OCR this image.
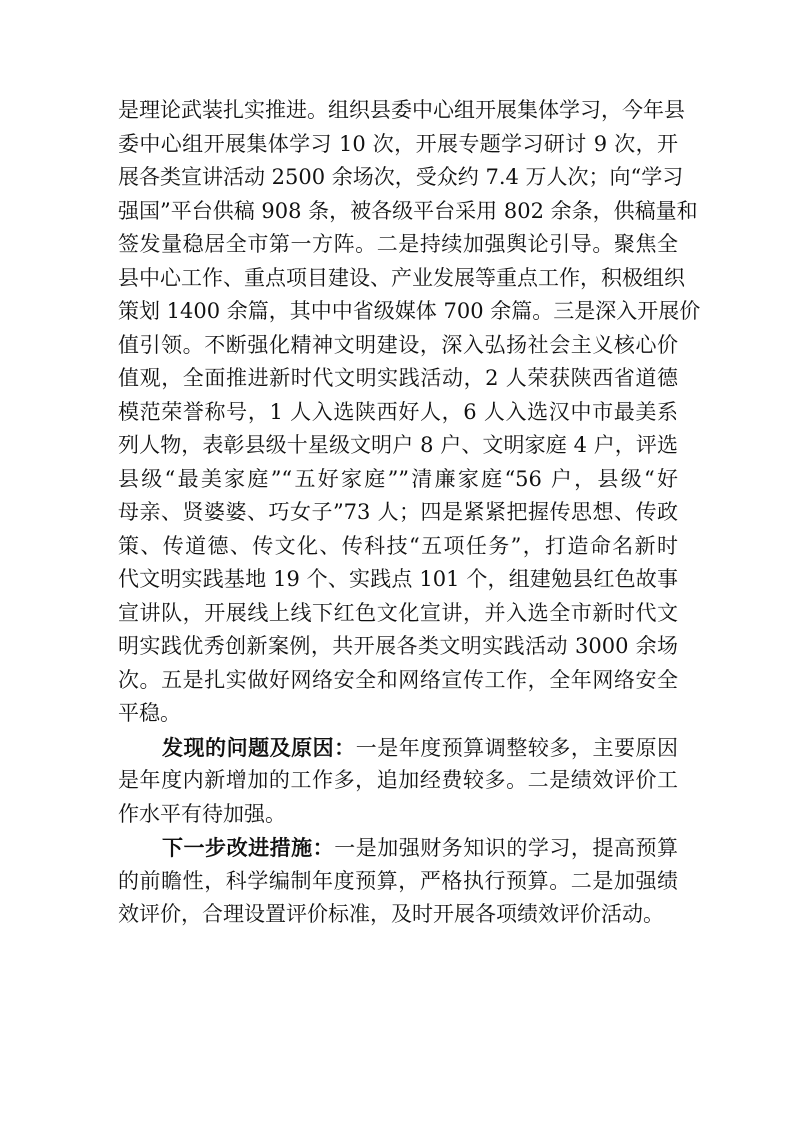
是理论武装扎实推进。组织县委中心组开展集体学习，今年县
委中心组开展集体学习 10 次，开展专题学习研讨 9 次，开
展各类宣讲活动 2500 余场次，受众约 7.4 万人次；向“学习
强国”平台供稿 908 条，被各级平台采用 802 余条，供稿量和
签发量稳居全市第一方阵。二是持续加强舆论引导。聚焦全
县中心工作、重点项目建设、产业发展等重点工作，积极组织
策划 1400 余篇，其中中省级媒体 700 余篇。三是深入开展价
值引领。不断强化精神文明建设，深入弘扬社会主义核心价
值观，全面推进新时代文明实践活动，2 人荣获陕西省道德
模范荣誉称号，1 人入选陕西好人，6 人入选汉中市最美系
列人物，表彰县级十星级文明户 8 户、文明家庭 4 户，评选
县级“最美家庭”“五好家庭””清廉家庭“56 户，县级“好
母亲、贤婆婆、巧女子”73 人；四是紧紧把握传思想、传政
策、传道德、传文化、传科技“五项任务”，打造命名新时
代文明实践基地 19 个、实践点 101 个，组建勉县红色故事
宣讲队，开展线上线下红色文化宣讲，并入选全市新时代文
明实践优秀创新案例，共开展各类文明实践活动 3000 余场
次。五是扎实做好网络安全和网络宣传工作，全年网络安全
平稳。
发现的问题及原因：一是年度预算调整较多，主要原因
是年度内新增加的工作多，追加经费较多。二是绩效评价工
作水平有待加强。
下一步改进措施：一是加强财务知识的学习，提高预算
的前瞻性，科学编制年度预算，严格执行预算。二是加强绩
效评价，合理设置评价标准，及时开展各项绩效评价活动。
